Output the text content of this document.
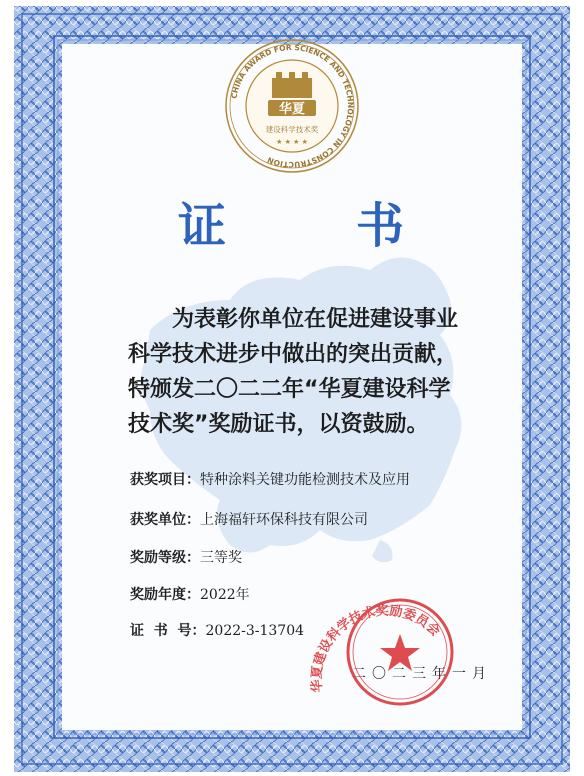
CHINA AWARD FOR SCIENCE AND TECHNOLOGY IN CONSTRUCTION
华夏
建设科学技术奖
★ ★ ★ ★
证	书
为表彰你单位在促进建设事业
科学技术进步中做出的突出贡献，
特颁发二〇二二年“华夏建设科学
技术奖”奖励证书，以资鼓励。
获奖项目：特种涂料关键功能检测技术及应用
获奖单位：上海福轩环保科技有限公司
奖励等级：三等奖
奖励年度：2022年
证  书  号：2022-3-13704
二〇二三年一月
华夏建设科学技术奖励委员会
